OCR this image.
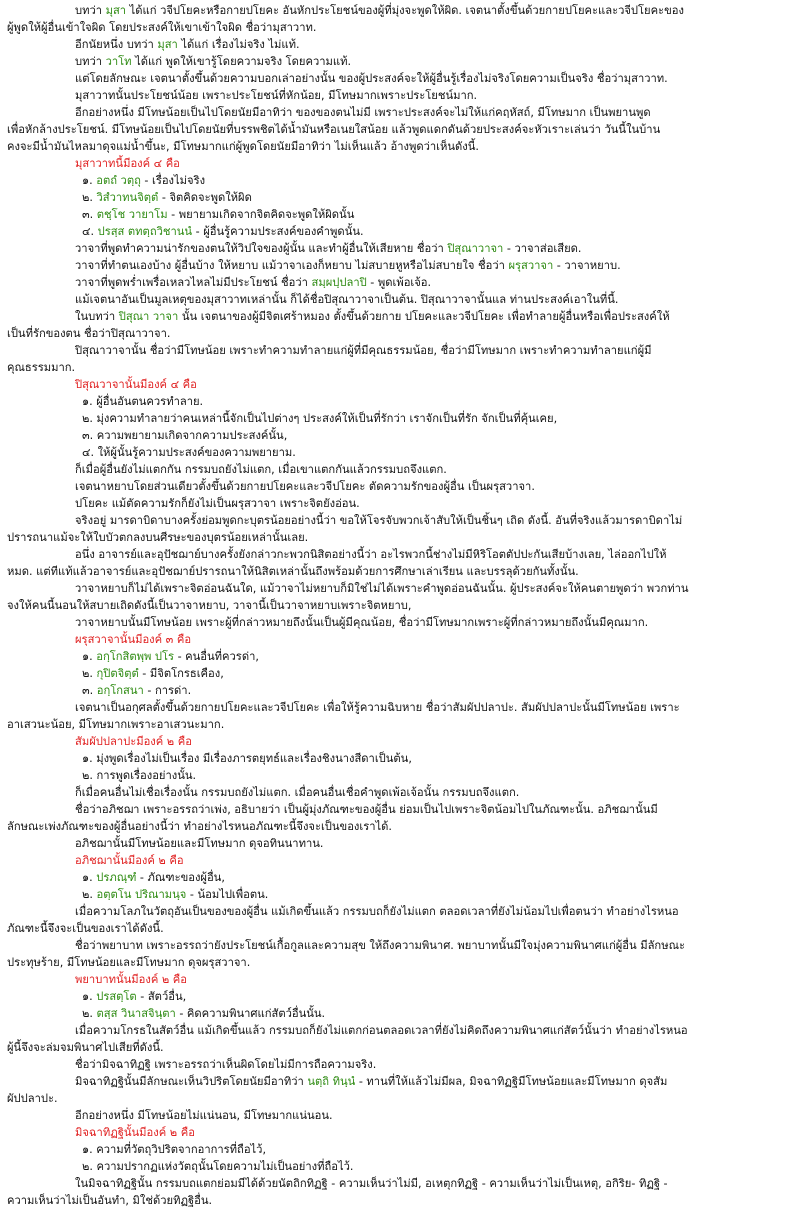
บทว่า มุสา ได้แก่ วจีปโยคะหรือกายปโยคะ อันหักประโยชน์ของผู้ที่มุ่งจะพูดให้ผิด. เจตนาตั้งขึ้นด้วยกายปโยคะและวจีปโยคะของ
ผู้พูดให้ผู้อื่นเข้าใจผิด โดยประสงค์ให้เขาเข้าใจผิด ชื่อว่ามุสาวาท.
อีกนัยหนึ่ง บทว่า มุสา ได้แก่ เรื่องไม่จริง ไม่แท้.
บทว่า วาโท ได้แก่ พูดให้เขารู้โดยความจริง โดยความแท้.
แต่โดยลักษณะ เจตนาตั้งขึ้นด้วยความบอกเล่าอย่างนั้น ของผู้ประสงค์จะให้ผู้อื่นรู้เรื่องไม่จริงโดยความเป็นจริง ชื่อว่ามุสาวาท.
มุสาวาทนั้นประโยชน์น้อย เพราะประโยชน์ที่หักน้อย, มีโทษมากเพราะประโยชน์มาก.
อีกอย่างหนึ่ง มีโทษน้อยเป็นไปโดยนัยมีอาทิว่า ของของตนไม่มี เพราะประสงค์จะไม่ให้แก่คฤหัสถ์, มีโทษมาก เป็นพยานพูด
เพื่อหักล้างประโยชน์. มีโทษน้อยเป็นไปโดยนัยที่บรรพชิตได้น้ำมันหรือเนยใสน้อย แล้วพูดแดกดันด้วยประสงค์จะหัวเราะเล่นว่า วันนี้ในบ้าน
คงจะมีน้ำมันไหลมาดุจแม่น้ำขึ้นะ, มีโทษมากแก่ผู้พูดโดยนัยมีอาทิว่า ไม่เห็นแล้ว อ้างพูดว่าเห็นดังนี้.
มุสาวาทนี้มีองค์ ๔ คือ
๑. อตถํ วตฺถุ - เรื่องไม่จริง
๒. วิสํวาทนจิตฺตํ - จิตคิดจะพูดให้ผิด
๓. ตชฺโช วายาโม - พยายามเกิดจากจิตคิดจะพูดให้ผิดนั้น
๔. ปรสฺส ตทตฺถวิชานนํ - ผู้อื่นรู้ความประสงค์ของคำพูดนั้น.
วาจาที่พูดทำความน่ารักของตนให้วิปใจของผู้นั้น และทำผู้อื่นให้เสียหาย ชื่อว่า ปิสุณาวาจา - วาจาส่อเสียด.
วาจาที่ทำตนเองบ้าง ผู้อื่นบ้าง ให้หยาบ แม้วาจาเองก็หยาบ ไม่สบายหูหรือไม่สบายใจ ชื่อว่า ผรุสวาจา - วาจาหยาบ.
วาจาที่พูดพร่ำเพรื่อเหลวไหลไม่มีประโยชน์ ชื่อว่า สมฺผปฺปลาปิ - พูดเพ้อเจ้อ.
แม้เจตนาอันเป็นมูลเหตุของมุสาวาทเหล่านั้น ก็ได้ชื่อปิสุณาวาจาเป็นต้น. ปิสุณาวาจานั้นแล ท่านประสงค์เอาในที่นี้.
ในบทว่า ปิสุณา วาจา นั้น เจตนาของผู้มีจิตเศร้าหมอง ตั้งขึ้นด้วยกาย ปโยคะและวจีปโยคะ เพื่อทำลายผู้อื่นหรือเพื่อประสงค์ให้
เป็นที่รักของตน ชื่อว่าปิสุณาวาจา.
ปิสุณาวาจานั้น ชื่อว่ามีโทษน้อย เพราะทำความทำลายแก่ผู้ที่มีคุณธรรมน้อย, ชื่อว่ามีโทษมาก เพราะทำความทำลายแก่ผู้มี
คุณธรรมมาก.
ปิสุณวาจานั้นมีองค์ ๔ คือ
๑. ผู้อื่นอันตนควรทำลาย.
๒. มุ่งความทำลายว่าคนเหล่านี้จักเป็นไปต่างๆ ประสงค์ให้เป็นที่รักว่า เราจักเป็นที่รัก จักเป็นที่คุ้นเคย,
๓. ความพยายามเกิดจากความประสงค์นั้น,
๔. ให้ผู้นั้นรู้ความประสงค์ของความพยายาม.
ก็เมื่อผู้อื่นยังไม่แตกกัน กรรมบถยังไม่แตก, เมื่อเขาแตกกันแล้วกรรมบถจึงแตก.
เจตนาหยาบโดยส่วนเดียวตั้งขึ้นด้วยกายปโยคะและวจีปโยคะ ตัดความรักของผู้อื่น เป็นผรุสวาจา.
ปโยคะ แม้ตัดความรักก็ยังไม่เป็นผรุสวาจา เพราะจิตยังอ่อน.
จริงอยู่ มารดาบิดาบางครั้งย่อมพูดกะบุตรน้อยอย่างนี้ว่า ขอให้โจรจับพวกเจ้าสับให้เป็นชิ้นๆ เถิด ดังนี้. อันที่จริงแล้วมารดาบิดาไม่
ปรารถนาแม้จะให้ใบบัวตกลงบนศีรษะของบุตรน้อยเหล่านั้นเลย.
อนึ่ง อาจารย์และอุปัชฌาย์บางครั้งยังกล่าวกะพวกนิสิตอย่างนี้ว่า อะไรพวกนี้ช่างไม่มีหิริโอตตัปปะกันเสียบ้างเลย, ไล่ออกไปให้
หมด. แต่ทีแท้แล้วอาจารย์และอุปัชฌาย์ปรารถนาให้นิสิตเหล่านั้นถึงพร้อมด้วยการศึกษาเล่าเรียน และบรรลุด้วยกันทั้งนั้น.
วาจาหยาบก็ไม่ได้เพราะจิตอ่อนฉันใด, แม้วาจาไม่หยาบก็มิใช่ไม่ได้เพราะคำพูดอ่อนฉันนั้น. ผู้ประสงค์จะให้คนตายพูดว่า พวกท่าน
จงให้คนนี้นอนให้สบายเถิดดังนี้เป็นวาจาหยาบ, วาจานี้เป็นวาจาหยาบเพราะจิตหยาบ,
วาจาหยาบนั้นมีโทษน้อย เพราะผู้ที่กล่าวหมายถึงนั้นเป็นผู้มีคุณน้อย, ชื่อว่ามีโทษมากเพราะผู้ที่กล่าวหมายถึงนั้นมีคุณมาก.
ผรุสวาจานั้นมีองค์ ๓ คือ
๑. อกฺโกสิตพฺพ ปโร - คนอื่นที่ควรด่า,
๒. กุปิตจิตฺตํ - มีจิตโกรธเคือง,
๓. อกฺโกสนา - การด่า.
เจตนาเป็นอกุศลตั้งขึ้นด้วยกายปโยคะและวจีปโยคะ เพื่อให้รู้ความฉิบหาย ชื่อว่าสัมผัปปลาปะ. สัมผัปปลาปะนั้นมีโทษน้อย เพราะ
อาเสวนะน้อย, มีโทษมากเพราะอาเสวนะมาก.
สัมผัปปลาปะมีองค์ ๒ คือ
๑. มุ่งพูดเรื่องไม่เป็นเรื่อง มีเรื่องภารตยุทธ์และเรื่องชิงนางสีดาเป็นต้น,
๒. การพูดเรื่องอย่างนั้น.
ก็เมื่อคนอื่นไม่เชื่อเรื่องนั้น กรรมบถยังไม่แตก. เมื่อคนอื่นเชื่อคำพูดเพ้อเจ้อนั้น กรรมบถจึงแตก.
ชื่อว่าอภิชฌา เพราะอรรถว่าเพ่ง, อธิบายว่า เป็นผู้มุ่งภัณฑะของผู้อื่น ย่อมเป็นไปเพราะจิตน้อมไปในภัณฑะนั้น. อภิชฌานั้นมี
ลักษณะเพ่งภัณฑะของผู้อื่นอย่างนี้ว่า ทำอย่างไรหนอภัณฑะนี้จึงจะเป็นของเราได้.
อภิชฌานั้นมีโทษน้อยและมีโทษมาก ดุจอทินนาทาน.
อภิชฌานั้นมีองค์ ๒ คือ
๑. ปรภณฺฑํ - ภัณฑะของผู้อื่น,
๒. อตฺตโน ปริณามนฺจ - น้อมไปเพื่อตน.
เมื่อความโลภในวัตถุอันเป็นของของผู้อื่น แม้เกิดขึ้นแล้ว กรรมบถก็ยังไม่แตก ตลอดเวลาที่ยังไม่น้อมไปเพื่อตนว่า ทำอย่างไรหนอ
ภัณฑะนี้จึงจะเป็นของเราได้ดังนี้.
ชื่อว่าพยาบาท เพราะอรรถว่ายังประโยชน์เกื้อกูลและความสุข ให้ถึงความพินาศ. พยาบาทนั้นมีใจมุ่งความพินาศแก่ผู้อื่น มีลักษณะ
ประทุษร้าย, มีโทษน้อยและมีโทษมาก ดุจผรุสวาจา.
พยาบาทนั้นมีองค์ ๒ คือ
๑. ปรสตฺโต - สัตว์อื่น,
๒. ตสฺส วินาสจินฺตา - คิดความพินาศแก่สัตว์อื่นนั้น.
เมื่อความโกรธในสัตว์อื่น แม้เกิดขึ้นแล้ว กรรมบถก็ยังไม่แตกก่อนตลอดเวลาที่ยังไม่คิดถึงความพินาศแก่สัตว์นั้นว่า ทำอย่างไรหนอ
ผู้นี้จึงจะล่มจมพินาศไปเสียที่ดังนี้.
ชื่อว่ามิจฉาทิฏฐิ เพราะอรรถว่าเห็นผิดโดยไม่มีการถือความจริง.
มิจฉาทิฏฐินั้นมีลักษณะเห็นวิปริตโดยนัยมีอาทิว่า นตฺถิ ทินฺนํ - ทานที่ให้แล้วไม่มีผล, มิจฉาทิฏฐิมีโทษน้อยและมีโทษมาก ดุจสัม
ผัปปลาปะ.
อีกอย่างหนึ่ง มีโทษน้อยไม่แน่นอน, มีโทษมากแน่นอน.
มิจฉาทิฏฐินั้นมีองค์ ๒ คือ
๑. ความที่วัตถุวิปริตจากอาการที่ถือไว้,
๒. ความปรากฏแห่งวัตถุนั้นโดยความไม่เป็นอย่างที่ถือไว้.
ในมิจฉาทิฏฐินั้น กรรมบถแตกย่อมมีได้ด้วยนัตถิกทิฏฐิ - ความเห็นว่าไม่มี, อเหตุกทิฏฐิ - ความเห็นว่าไม่เป็นเหตุ, อกิริย- ทิฏฐิ -
ความเห็นว่าไม่เป็นอันทำ, มิใช่ด้วยทิฏฐิอื่น.
